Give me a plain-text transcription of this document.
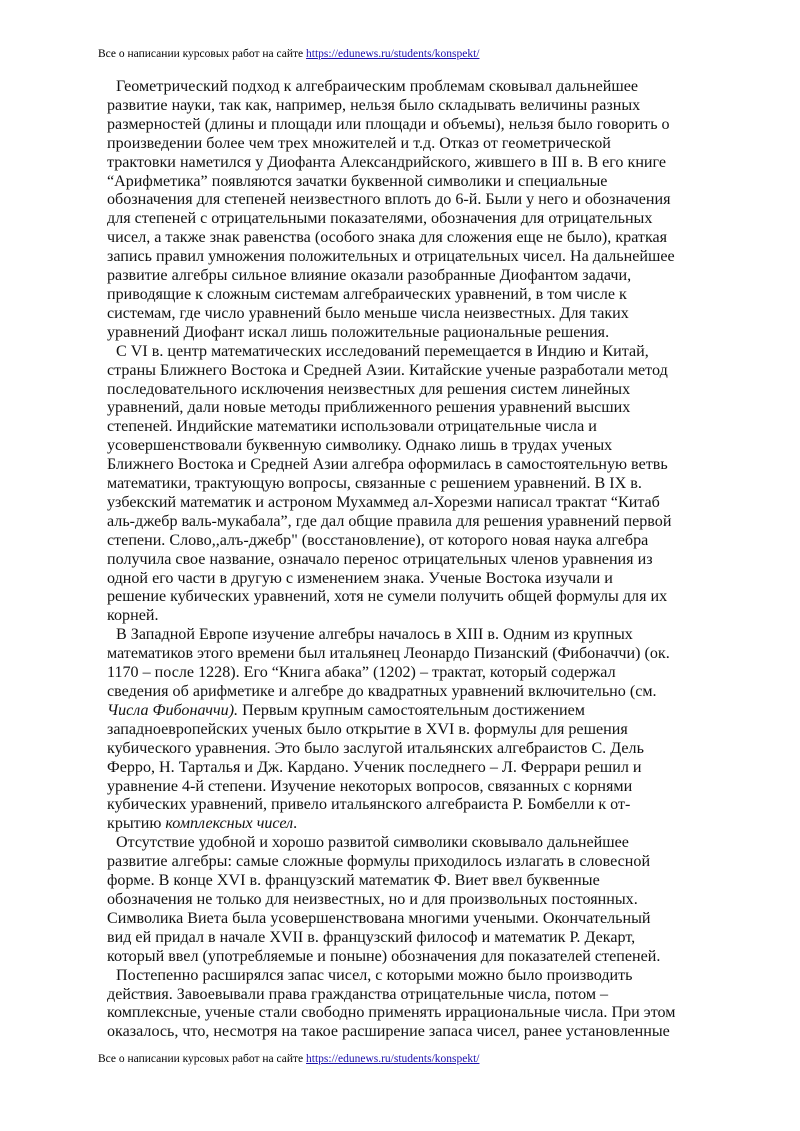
Все о написании курсовых работ на сайте https://edunews.ru/students/konspekt/
Геометрический подход к алгебраическим проблемам сковывал дальнейшее
развитие науки, так как, например, нельзя было складывать величины разных
размерностей (длины и площади или площади и объемы), нельзя было говорить о
произведении более чем трех множителей и т.д. Отказ от геометрической
трактовки наметился у Диофанта Александрийского, жившего в III в. В его книге
“Арифметика” появляются зачатки буквенной символики и специальные
обозначения для степеней неизвестного вплоть до 6-й. Были у него и обозначения
для степеней с отрицательными показателями, обозначения для отрицательных
чисел, а также знак равенства (особого знака для сложения еще не было), краткая
запись правил умножения положительных и отрицательных чисел. На дальнейшее
развитие алгебры сильное влияние оказали разобранные Диофантом задачи,
приводящие к сложным системам алгебраических уравнений, в том числе к
системам, где число уравнений было меньше числа неизвестных. Для таких
уравнений Диофант искал лишь положительные рациональные решения.
С VI в. центр математических исследований перемещается в Индию и Китай,
страны Ближнего Востока и Средней Азии. Китайские ученые разработали метод
последовательного исключения неизвестных для решения систем линейных
уравнений, дали новые методы приближенного решения уравнений высших
степеней. Индийские математики использовали отрицательные числа и
усовершенствовали буквенную символику. Однако лишь в трудах ученых
Ближнего Востока и Средней Азии алгебра оформилась в самостоятельную ветвь
математики, трактующую вопросы, связанные с решением уравнений. В IX в.
узбекский математик и астроном Мухаммед ал-Хорезми написал трактат “Китаб
аль-джебр валь-мукабала”, где дал общие правила для решения уравнений первой
степени. Слово,,алъ-джебр" (восстановление), от которого новая наука алгебра
получила свое название, означало перенос отрицательных членов уравнения из
одной его части в другую с изменением знака. Ученые Востока изучали и
решение кубических уравнений, хотя не сумели получить общей формулы для их
корней.
В Западной Европе изучение алгебры началось в XIII в. Одним из крупных
математиков этого времени был итальянец Леонардо Пизанский (Фибоначчи) (ок.
1170 – после 1228). Его “Книга абака” (1202) – трактат, который содержал
сведения об арифметике и алгебре до квадратных уравнений включительно (см.
Числа Фибоначчи). Первым крупным самостоятельным достижением
западноевропейских ученых было открытие в XVI в. формулы для решения
кубического уравнения. Это было заслугой итальянских алгебраистов С. Дель
Ферро, Н. Тарталья и Дж. Кардано. Ученик последнего – Л. Феррари решил и
уравнение 4-й степени. Изучение некоторых вопросов, связанных с корнями
кубических уравнений, привело итальянского алгебраиста Р. Бомбелли к от-
крытию комплексных чисел.
Отсутствие удобной и хорошо развитой символики сковывало дальнейшее
развитие алгебры: самые сложные формулы приходилось излагать в словесной
форме. В конце XVI в. французский математик Ф. Виет ввел буквенные
обозначения не только для неизвестных, но и для произвольных постоянных.
Символика Виета была усовершенствована многими учеными. Окончательный
вид ей придал в начале XVII в. французский философ и математик Р. Декарт,
который ввел (употребляемые и понынe) обозначения для показателей степеней.
Постепенно расширялся запас чисел, с которыми можно было производить
действия. Завоевывали права гражданства отрицательные числа, потом –
комплексные, ученые стали свободно применять иррациональные числа. При этом
оказалось, что, несмотря на такое расширение запаса чисел, ранее установленные
Все о написании курсовых работ на сайте https://edunews.ru/students/konspekt/
